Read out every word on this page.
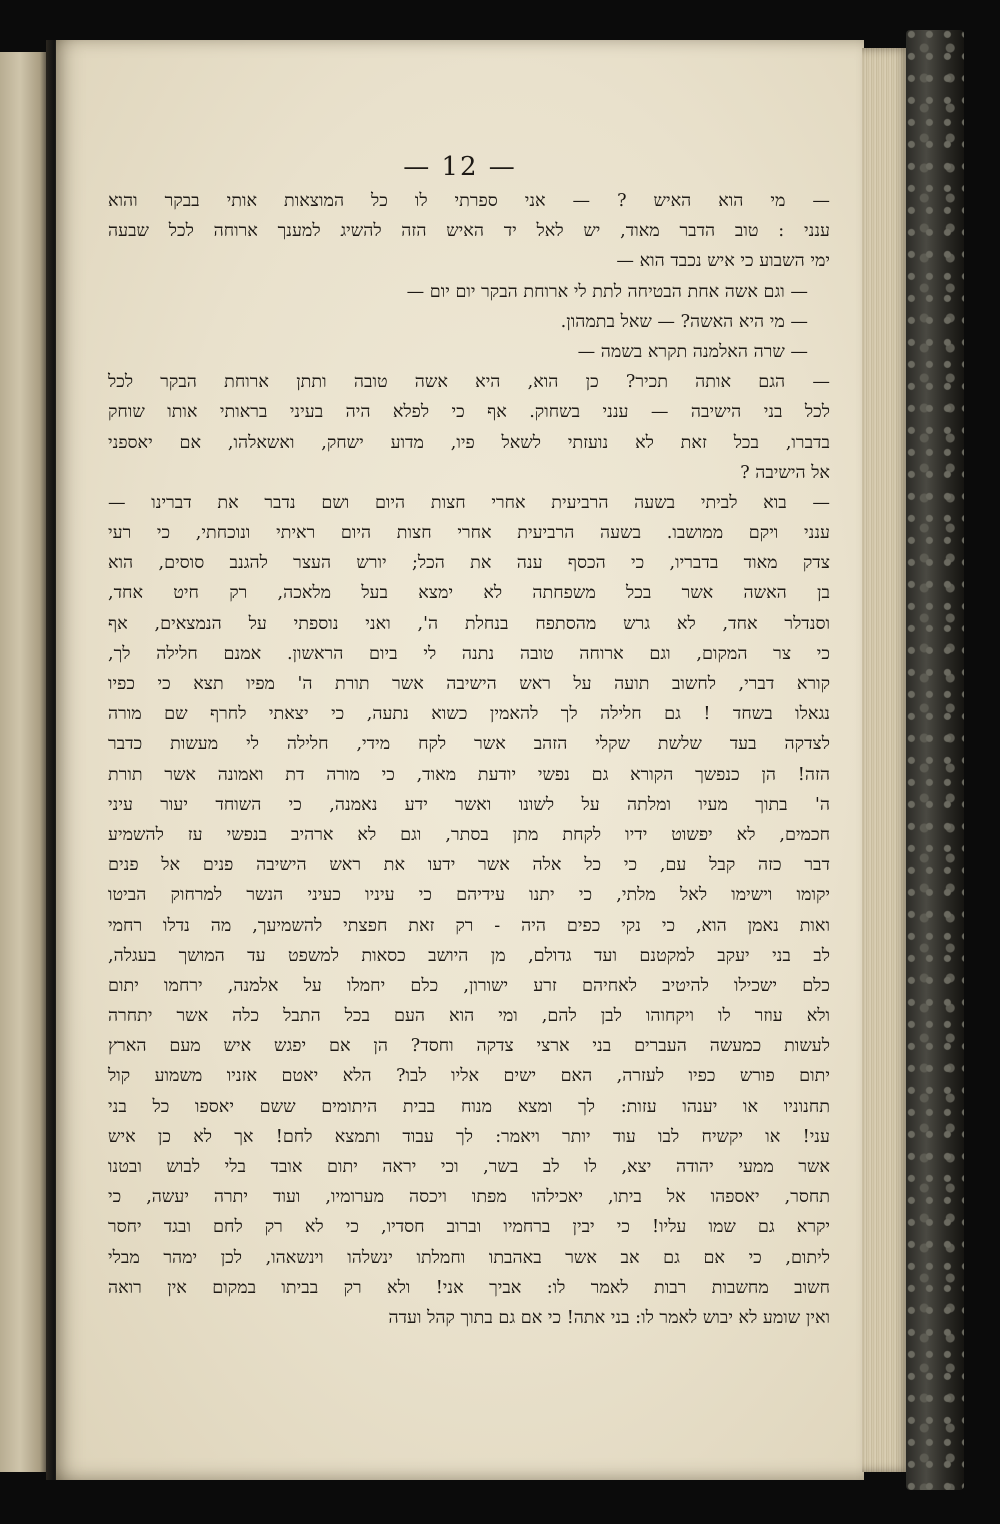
— 12 —
— מי הוא האיש ? — אני ספרתי לו כל המוצאות אותי בבקר והוא
ענני : טוב הדבר מאוד, יש לאל יד האיש הזה להשיג למענך ארוחה לכל שבעה
ימי השבוע כי איש נכבד הוא —
— וגם אשה אחת הבטיחה לתת לי ארוחת הבקר יום יום —
— מי היא האשה? — שאל בתמהון.
— שרה האלמנה תקרא בשמה —
— הגם אותה תכיר? כן הוא, היא אשה טובה ותתן ארוחת הבקר לכל
לכל בני הישיבה — ענני בשחוק. אף כי לפלא היה בעיני בראותי אותו שוחק
בדברו, בכל זאת לא נועזתי לשאל פיו, מדוע ישחק, ואשאלהו, אם יאספני
אל הישיבה ?
— בוא לביתי בשעה הרביעית אחרי חצות היום ושם נדבר את דברינו —
ענני ויקם ממושבו. בשעה הרביעית אחרי חצות היום ראיתי ונוכחתי, כי רעי
צדק מאוד בדבריו, כי הכסף ענה את הכל; יורש העצר להגנב סוסים, הוא
בן האשה אשר בכל משפחתה לא ימצא בעל מלאכה, רק חיט אחד,
וסנדלר אחד, לא גרש מהסתפח בנחלת ה', ואני נוספתי על הנמצאים, אף
כי צר המקום, וגם ארוחה טובה נתנה לי ביום הראשון. אמנם חלילה לך,
קורא דברי, לחשוב תועה על ראש הישיבה אשר תורת ה' מפיו תצא כי כפיו
נגאלו בשחד ! גם חלילה לך להאמין כשוא נתעה, כי יצאתי לחרף שם מורה
לצדקה בעד שלשת שקלי הזהב אשר לקח מידי, חלילה לי מעשות כדבר
הזה! הן כנפשך הקורא גם נפשי יודעת מאוד, כי מורה דת ואמונה אשר תורת
ה' בתוך מעיו ומלתה על לשונו ואשר ידע נאמנה, כי השוחד יעור עיני
חכמים, לא יפשוט ידיו לקחת מתן בסתר, וגם לא ארהיב בנפשי עז להשמיע
דבר כזה קבל עם, כי כל אלה אשר ידעו את ראש הישיבה פנים אל פנים
יקומו וישימו לאל מלתי, כי יתנו עידיהם כי עיניו כעיני הנשר למרחוק הביטו
ואות נאמן הוא, כי נקי כפים היה - רק זאת חפצתי להשמיעך, מה נדלו רחמי
לב בני יעקב למקטנם ועד גדולם, מן היושב כסאות למשפט עד המושך בעגלה,
כלם ישכילו להיטיב לאחיהם זרע ישורון, כלם יחמלו על אלמנה, ירחמו יתום
ולא עוזר לו ויקחוהו לבן להם, ומי הוא העם בכל התבל כלה אשר יתחרה
לעשות כמעשה העברים בני ארצי צדקה וחסד? הן אם יפגש איש מעם הארץ
יתום פורש כפיו לעזרה, האם ישים אליו לבו? הלא יאטם אזניו משמוע קול
תחנוניו או יענהו עזות: לך ומצא מנוח בבית היתומים ששם יאספו כל בני
עני! או יקשיח לבו עוד יותר ויאמר: לך עבוד ותמצא לחם! אך לא כן איש
אשר ממעי יהודה יצא, לו לב בשר, וכי יראה יתום אובד בלי לבוש ובטנו
תחסר, יאספהו אל ביתו, יאכילהו מפתו ויכסה מערומיו, ועוד יתרה יעשה, כי
יקרא גם שמו עליו! כי יבין ברחמיו וברוב חסדיו, כי לא רק לחם ובגד יחסר
ליתום, כי אם גם אב אשר באהבתו וחמלתו ינשלהו וינשאהו, לכן ימהר מבלי
חשוב מחשבות רבות לאמר לו: אביך אני! ולא רק בביתו במקום אין רואה
ואין שומע לא יבוש לאמר לו: בני אתה! כי אם גם בתוך קהל ועדה
